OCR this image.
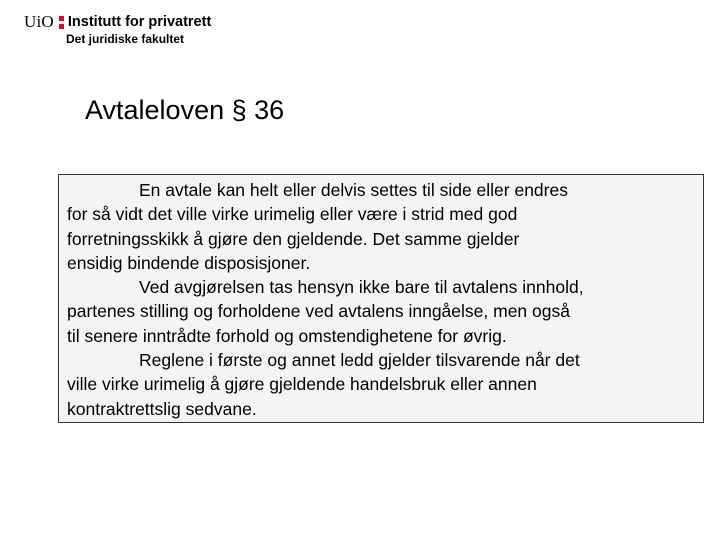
UiO Institutt for privatrett
Det juridiske fakultet
Avtaleloven § 36

En avtale kan helt eller delvis settes til side eller endres
for så vidt det ville virke urimelig eller være i strid med god
forretningsskikk å gjøre den gjeldende. Det samme gjelder
ensidig bindende disposisjoner.

Ved avgjørelsen tas hensyn ikke bare til avtalens innhold,
partenes stilling og forholdene ved avtalens inngåelse, men også
til senere inntrådte forhold og omstendighetene for øvrig.

Reglene i første og annet ledd gjelder tilsvarende når det
ville virke urimelig å gjøre gjeldende handelsbruk eller annen
kontraktrettslig sedvane.
